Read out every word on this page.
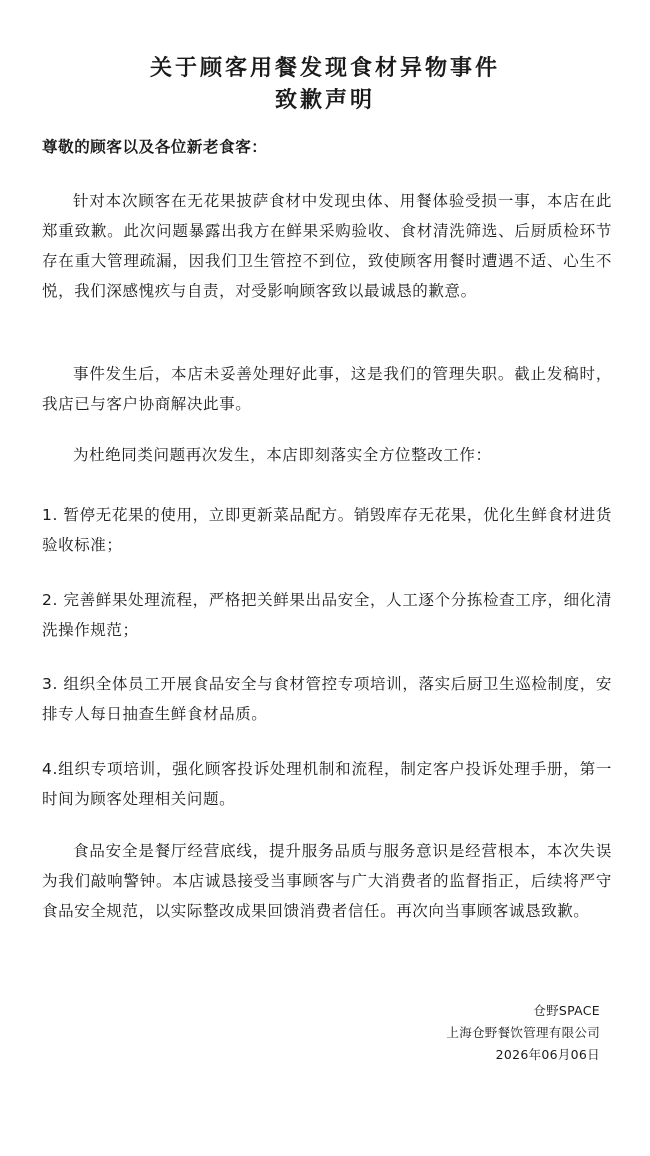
关于顾客用餐发现食材异物事件
致歉声明

尊敬的顾客以及各位新老食客：

针对本次顾客在无花果披萨食材中发现虫体、用餐体验受损一事，本店在此郑重致歉。此次问题暴露出我方在鲜果采购验收、食材清洗筛选、后厨质检环节存在重大管理疏漏，因我们卫生管控不到位，致使顾客用餐时遭遇不适、心生不悦，我们深感愧疚与自责，对受影响顾客致以最诚恳的歉意。

事件发生后，本店未妥善处理好此事，这是我们的管理失职。截止发稿时，我店已与客户协商解决此事。

为杜绝同类问题再次发生，本店即刻落实全方位整改工作：

1. 暂停无花果的使用，立即更新菜品配方。销毁库存无花果，优化生鲜食材进货验收标准；

2. 完善鲜果处理流程，严格把关鲜果出品安全，人工逐个分拣检查工序，细化清洗操作规范；

3. 组织全体员工开展食品安全与食材管控专项培训，落实后厨卫生巡检制度，安排专人每日抽查生鲜食材品质。

4.组织专项培训，强化顾客投诉处理机制和流程，制定客户投诉处理手册，第一时间为顾客处理相关问题。

食品安全是餐厅经营底线，提升服务品质与服务意识是经营根本，本次失误为我们敲响警钟。本店诚恳接受当事顾客与广大消费者的监督指正，后续将严守食品安全规范，以实际整改成果回馈消费者信任。再次向当事顾客诚恳致歉。

仓野SPACE
上海仓野餐饮管理有限公司
2026年06月06日
